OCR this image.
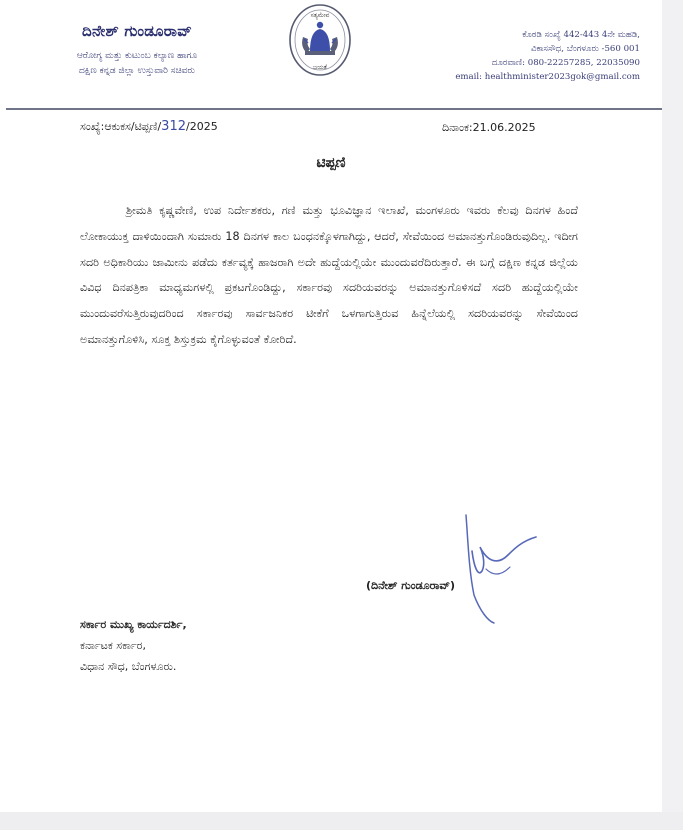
ದಿನೇಶ್ ಗುಂಡೂರಾವ್
ಆರೋಗ್ಯ ಮತ್ತು ಕುಟುಂಬ ಕಲ್ಯಾಣ ಹಾಗೂ
ದಕ್ಷಿಣ ಕನ್ನಡ ಜಿಲ್ಲಾ ಉಸ್ತುವಾರಿ ಸಚಿವರು
ಸತ್ಯಮೇವ
ಜಯತೆ
ಕೊಠಡಿ ಸಂಖ್ಯೆ 442-443 4ನೇ ಮಹಡಿ,
ವಿಕಾಸಸೌಧ, ಬೆಂಗಳೂರು -560 001
ದೂರವಾಣಿ: 080-22257285, 22035090
email: healthminister2023gok@gmail.com
ಸಂಖ್ಯೆ:ಆಕುಕಸ/ಟಿಪ್ಪಣಿ/312/2025	ದಿನಾಂಕ:21.06.2025
ಟಿಪ್ಪಣಿ
ಶ್ರೀಮತಿ ಕೃಷ್ಣವೇಣಿ, ಉಪ ನಿರ್ದೇಶಕರು, ಗಣಿ ಮತ್ತು ಭೂವಿಜ್ಞಾನ ಇಲಾಖೆ, ಮಂಗಳೂರು ಇವರು ಕೆಲವು ದಿನಗಳ ಹಿಂದೆ ಲೋಕಾಯುಕ್ತ ದಾಳಿಯಿಂದಾಗಿ ಸುಮಾರು 18 ದಿನಗಳ ಕಾಲ ಬಂಧನಕ್ಕೊಳಗಾಗಿದ್ದು, ಆದರೆ, ಸೇವೆಯಿಂದ ಅಮಾನತ್ತುಗೊಂಡಿರುವುದಿಲ್ಲ. ಇದೀಗ ಸದರಿ ಅಧಿಕಾರಿಯು ಜಾಮೀನು ಪಡೆದು ಕರ್ತವ್ಯಕ್ಕೆ ಹಾಜರಾಗಿ ಅದೇ ಹುದ್ದೆಯಲ್ಲಿಯೇ ಮುಂದುವರೆದಿರುತ್ತಾರೆ. ಈ ಬಗ್ಗೆ ದಕ್ಷಿಣ ಕನ್ನಡ ಜಿಲ್ಲೆಯ ವಿವಿಧ ದಿನಪತ್ರಿಕಾ ಮಾಧ್ಯಮಗಳಲ್ಲಿ ಪ್ರಕಟಗೊಂಡಿದ್ದು, ಸರ್ಕಾರವು ಸದರಿಯವರನ್ನು ಅಮಾನತ್ತುಗೊಳಿಸದೆ ಸದರಿ ಹುದ್ದೆಯಲ್ಲಿಯೇ ಮುಂದುವರೆಸುತ್ತಿರುವುದರಿಂದ ಸರ್ಕಾರವು ಸಾರ್ವಜನಿಕರ ಟೀಕೆಗೆ ಒಳಗಾಗುತ್ತಿರುವ ಹಿನ್ನೆಲೆಯಲ್ಲಿ ಸದರಿಯವರನ್ನು ಸೇವೆಯಿಂದ ಅಮಾನತ್ತುಗೊಳಿಸಿ, ಸೂಕ್ತ ಶಿಸ್ತುಕ್ರಮ ಕೈಗೊಳ್ಳುವಂತೆ ಕೋರಿದೆ.
(ದಿನೇಶ್ ಗುಂಡೂರಾವ್)
ಸರ್ಕಾರ ಮುಖ್ಯ ಕಾರ್ಯದರ್ಶಿ,
ಕರ್ನಾಟಕ ಸರ್ಕಾರ,
ವಿಧಾನ ಸೌಧ, ಬೆಂಗಳೂರು.
